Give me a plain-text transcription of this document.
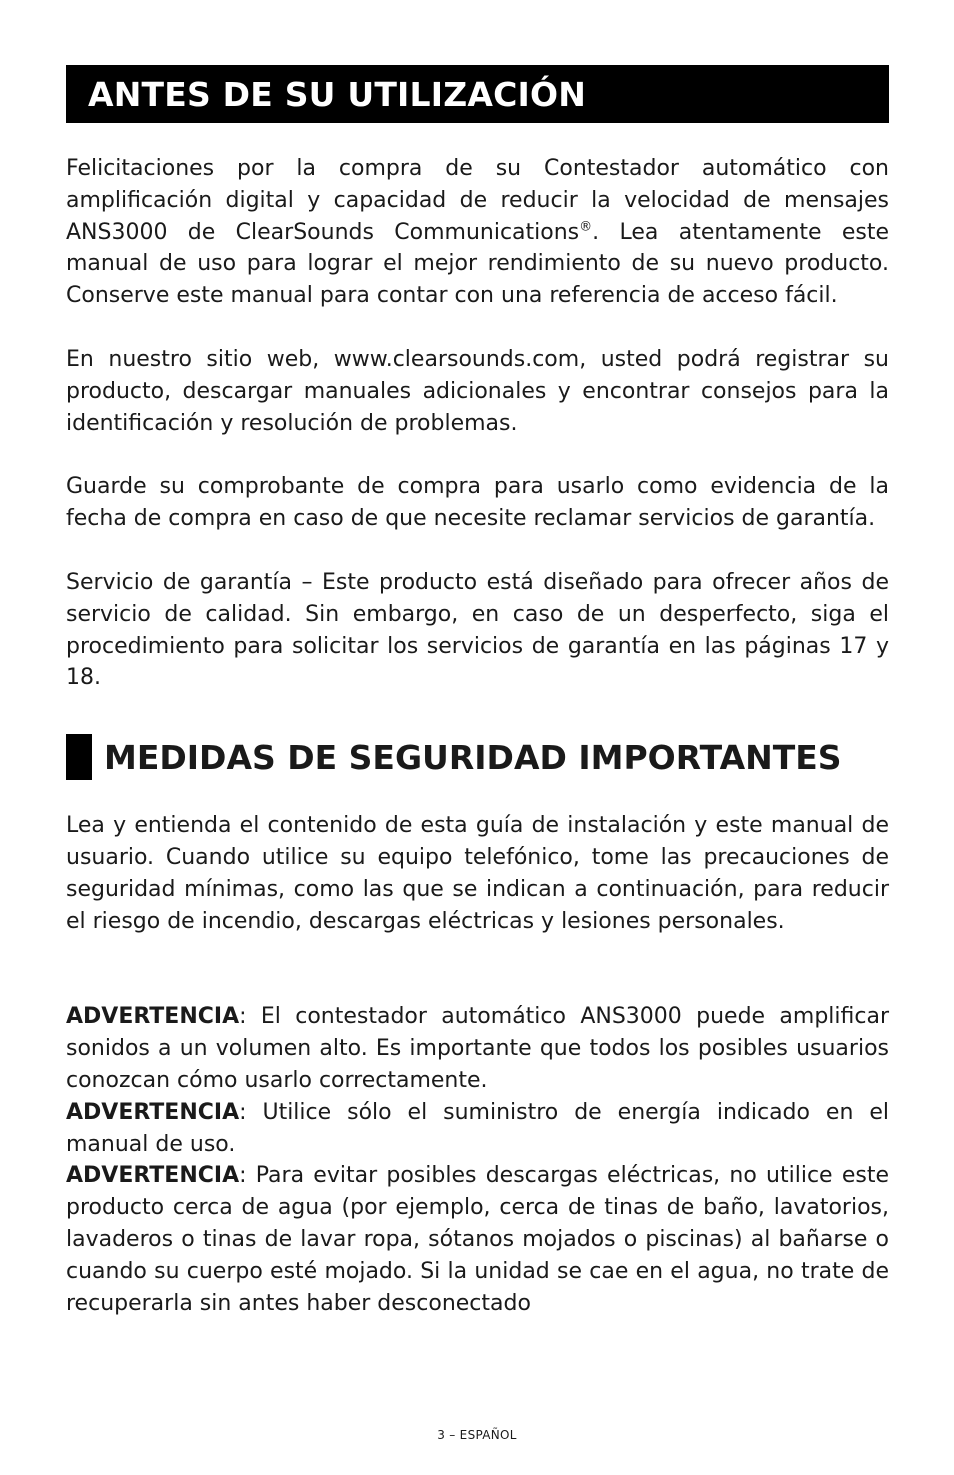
ANTES DE SU UTILIZACIÓN

Felicitaciones por la compra de su Contestador automático con amplificación digital y capacidad de reducir la velocidad de mensajes ANS3000 de ClearSounds Communications®. Lea atentamente este manual de uso para lograr el mejor rendimiento de su nuevo producto. Conserve este manual para contar con una referencia de acceso fácil.

En nuestro sitio web, www.clearsounds.com, usted podrá registrar su producto, descargar manuales adicionales y encontrar consejos para la identificación y resolución de problemas.

Guarde su comprobante de compra para usarlo como evidencia de la fecha de compra en caso de que necesite reclamar servicios de garantía.

Servicio de garantía – Este producto está diseñado para ofrecer años de servicio de calidad. Sin embargo, en caso de un desperfecto, siga el procedimiento para solicitar los servicios de garantía en las páginas 17 y 18.

MEDIDAS DE SEGURIDAD IMPORTANTES

Lea y entienda el contenido de esta guía de instalación y este manual de usuario. Cuando utilice su equipo telefónico, tome las precauciones de seguridad mínimas, como las que se indican a continuación, para reducir el riesgo de incendio, descargas eléctricas y lesiones personales.

ADVERTENCIA: El contestador automático ANS3000 puede amplificar sonidos a un volumen alto. Es importante que todos los posibles usuarios conozcan cómo usarlo correctamente.

ADVERTENCIA: Utilice sólo el suministro de energía indicado en el manual de uso.

ADVERTENCIA: Para evitar posibles descargas eléctricas, no utilice este producto cerca de agua (por ejemplo, cerca de tinas de baño, lavatorios, lavaderos o tinas de lavar ropa, sótanos mojados o piscinas) al bañarse o cuando su cuerpo esté mojado. Si la unidad se cae en el agua, no trate de recuperarla sin antes haber desconectado

3 – ESPAÑOL
